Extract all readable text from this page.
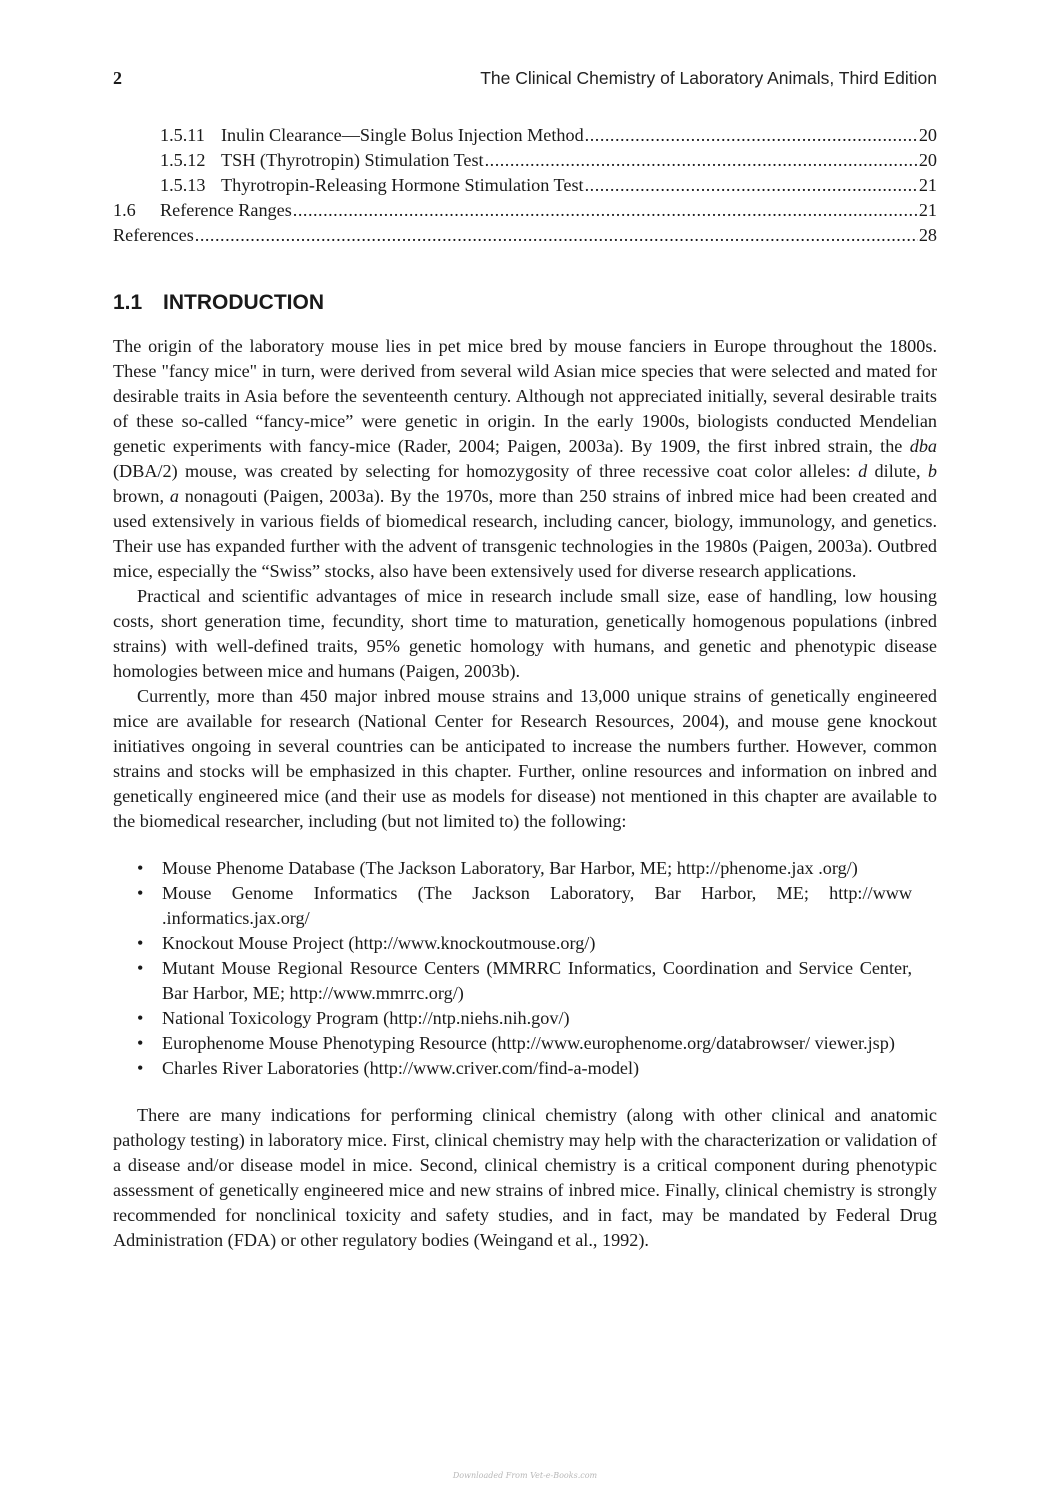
2	The Clinical Chemistry of Laboratory Animals, Third Edition
1.5.11 Inulin Clearance—Single Bolus Injection Method .....	20
1.5.12 TSH (Thyrotropin) Stimulation Test .....	20
1.5.13 Thyrotropin-Releasing Hormone Stimulation Test .....	21
1.6	Reference Ranges .....	21
References .....	28
1.1 INTRODUCTION

The origin of the laboratory mouse lies in pet mice bred by mouse fanciers in Europe throughout the 1800s. These "fancy mice" in turn, were derived from several wild Asian mice species that were selected and mated for desirable traits in Asia before the seventeenth century. Although not appreciated initially, several desirable traits of these so-called “fancy-mice” were genetic in origin. In the early 1900s, biologists conducted Mendelian genetic experiments with fancy-mice (Rader, 2004; Paigen, 2003a). By 1909, the first inbred strain, the dba (DBA/2) mouse, was created by selecting for homozygosity of three recessive coat color alleles: d dilute, b brown, a nonagouti (Paigen, 2003a). By the 1970s, more than 250 strains of inbred mice had been created and used extensively in various fields of biomedical research, including cancer, biology, immunology, and genetics. Their use has expanded further with the advent of transgenic technologies in the 1980s (Paigen, 2003a). Outbred mice, especially the “Swiss” stocks, also have been extensively used for diverse research applications.

Practical and scientific advantages of mice in research include small size, ease of handling, low housing costs, short generation time, fecundity, short time to maturation, genetically homogenous populations (inbred strains) with well-defined traits, 95% genetic homology with humans, and genetic and phenotypic disease homologies between mice and humans (Paigen, 2003b).

Currently, more than 450 major inbred mouse strains and 13,000 unique strains of genetically engineered mice are available for research (National Center for Research Resources, 2004), and mouse gene knockout initiatives ongoing in several countries can be anticipated to increase the numbers further. However, common strains and stocks will be emphasized in this chapter. Further, online resources and information on inbred and genetically engineered mice (and their use as models for disease) not mentioned in this chapter are available to the biomedical researcher, including (but not limited to) the following:

• Mouse Phenome Database (The Jackson Laboratory, Bar Harbor, ME; http://phenome.jax .org/)
• Mouse Genome Informatics (The Jackson Laboratory, Bar Harbor, ME; http://www .informatics.jax.org/
• Knockout Mouse Project (http://www.knockoutmouse.org/)
• Mutant Mouse Regional Resource Centers (MMRRC Informatics, Coordination and Service Center, Bar Harbor, ME; http://www.mmrrc.org/)
• National Toxicology Program (http://ntp.niehs.nih.gov/)
• Europhenome Mouse Phenotyping Resource (http://www.europhenome.org/databrowser/ viewer.jsp)
• Charles River Laboratories (http://www.criver.com/find-a-model)

There are many indications for performing clinical chemistry (along with other clinical and anatomic pathology testing) in laboratory mice. First, clinical chemistry may help with the characterization or validation of a disease and/or disease model in mice. Second, clinical chemistry is a critical component during phenotypic assessment of genetically engineered mice and new strains of inbred mice. Finally, clinical chemistry is strongly recommended for nonclinical toxicity and safety studies, and in fact, may be mandated by Federal Drug Administration (FDA) or other regulatory bodies (Weingand et al., 1992).

Downloaded From Vet-e-Books.com
